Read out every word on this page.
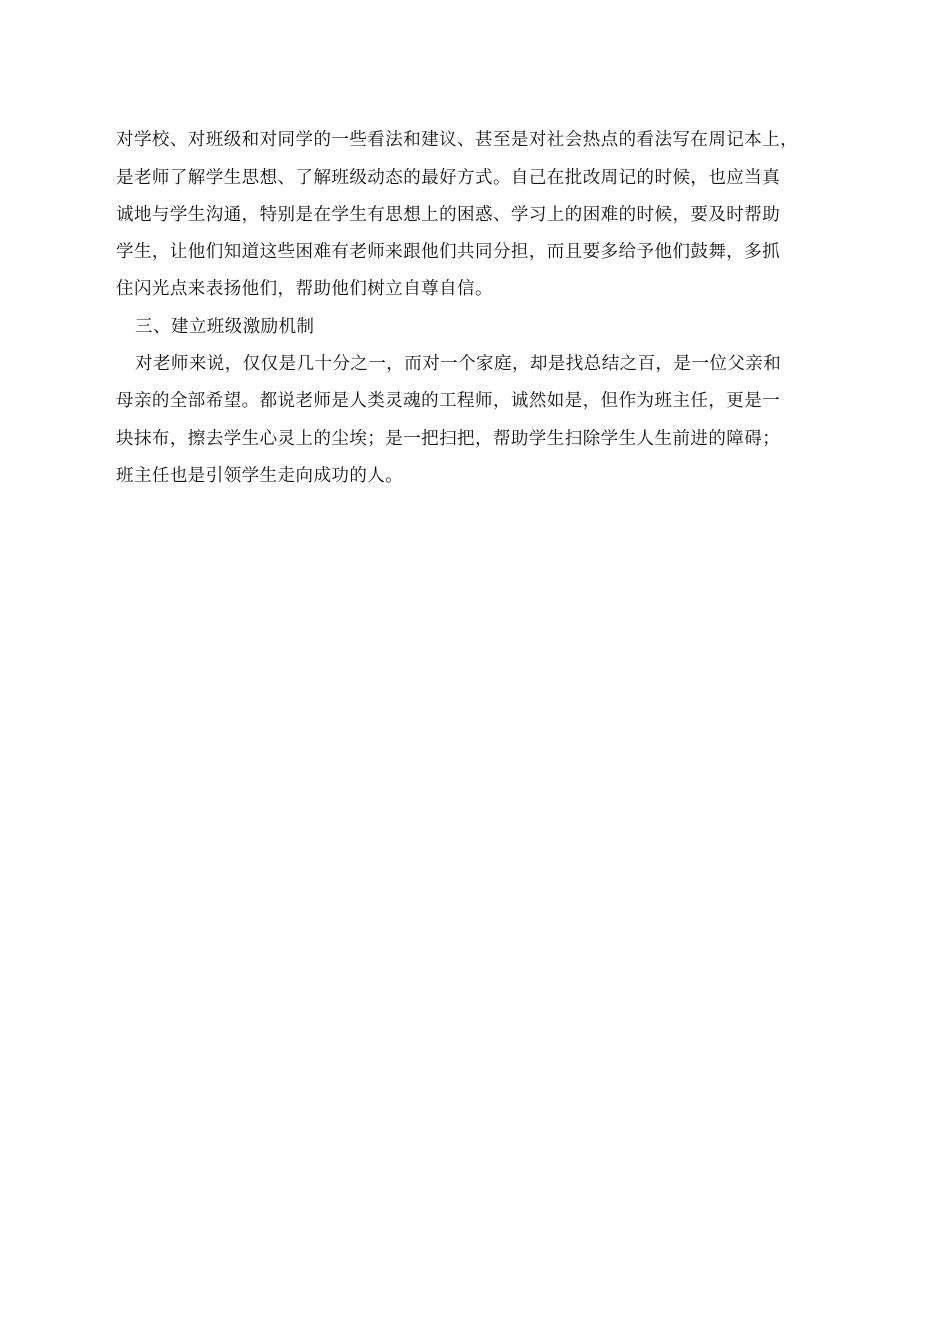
对学校、对班级和对同学的一些看法和建议、甚至是对社会热点的看法写在周记本上，
是老师了解学生思想、了解班级动态的最好方式。自己在批改周记的时候，也应当真
诚地与学生沟通，特别是在学生有思想上的困惑、学习上的困难的时候，要及时帮助
学生，让他们知道这些困难有老师来跟他们共同分担，而且要多给予他们鼓舞，多抓
住闪光点来表扬他们，帮助他们树立自尊自信。
三、建立班级激励机制
对老师来说，仅仅是几十分之一，而对一个家庭，却是找总结之百，是一位父亲和
母亲的全部希望。都说老师是人类灵魂的工程师，诚然如是，但作为班主任，更是一
块抹布，擦去学生心灵上的尘埃；是一把扫把，帮助学生扫除学生人生前进的障碍；
班主任也是引领学生走向成功的人。
